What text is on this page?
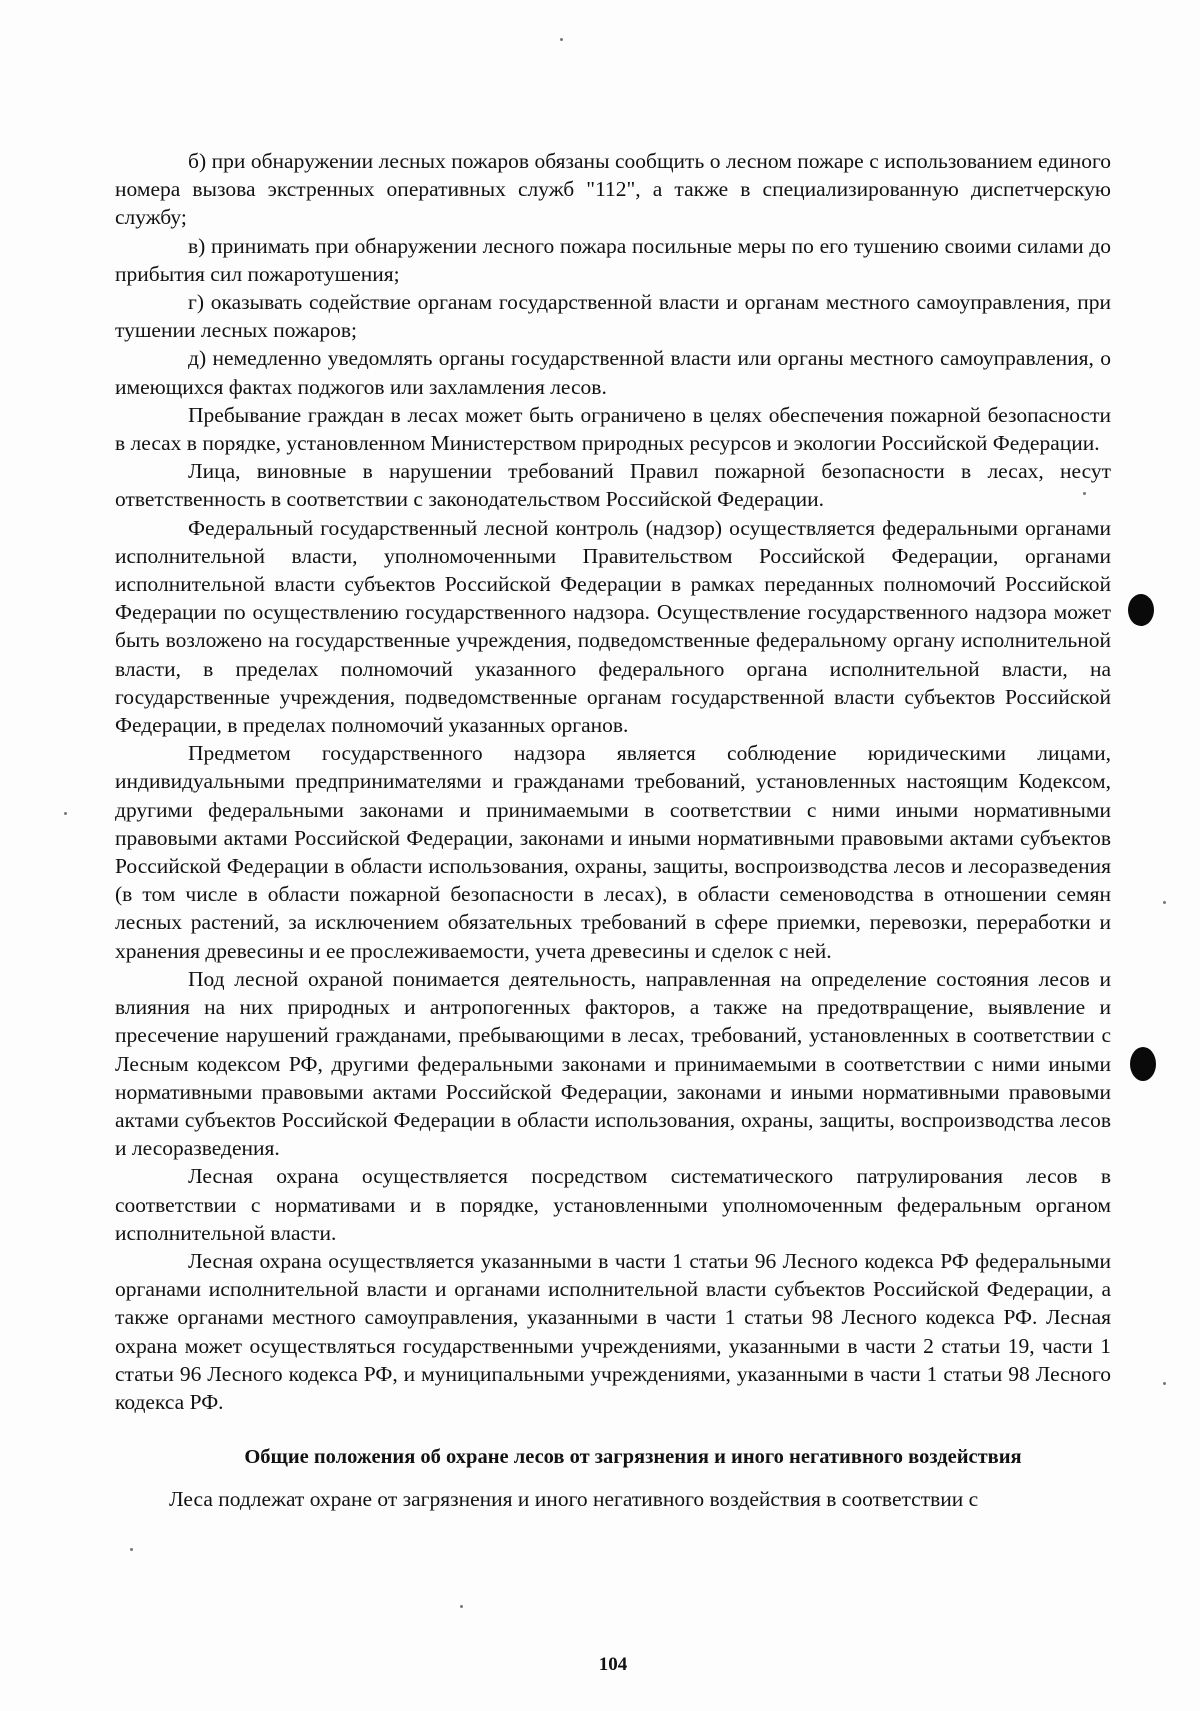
б) при обнаружении лесных пожаров обязаны сообщить о лесном пожаре с использованием единого номера вызова экстренных оперативных служб "112", а также в специализированную диспетчерскую службу;

в) принимать при обнаружении лесного пожара посильные меры по его тушению своими силами до прибытия сил пожаротушения;

г) оказывать содействие органам государственной власти и органам местного самоуправления, при тушении лесных пожаров;

д) немедленно уведомлять органы государственной власти или органы местного самоуправления, о имеющихся фактах поджогов или захламления лесов.

Пребывание граждан в лесах может быть ограничено в целях обеспечения пожарной безопасности в лесах в порядке, установленном Министерством природных ресурсов и экологии Российской Федерации.

Лица, виновные в нарушении требований Правил пожарной безопасности в лесах, несут ответственность в соответствии с законодательством Российской Федерации.

Федеральный государственный лесной контроль (надзор) осуществляется федеральными органами исполнительной власти, уполномоченными Правительством Российской Федерации, органами исполнительной власти субъектов Российской Федерации в рамках переданных полномочий Российской Федерации по осуществлению государственного надзора. Осуществление государственного надзора может быть возложено на государственные учреждения, подведомственные федеральному органу исполнительной власти, в пределах полномочий указанного федерального органа исполнительной власти, на государственные учреждения, подведомственные органам государственной власти субъектов Российской Федерации, в пределах полномочий указанных органов.

Предметом государственного надзора является соблюдение юридическими лицами, индивидуальными предпринимателями и гражданами требований, установленных настоящим Кодексом, другими федеральными законами и принимаемыми в соответствии с ними иными нормативными правовыми актами Российской Федерации, законами и иными нормативными правовыми актами субъектов Российской Федерации в области использования, охраны, защиты, воспроизводства лесов и лесоразведения (в том числе в области пожарной безопасности в лесах), в области семеноводства в отношении семян лесных растений, за исключением обязательных требований в сфере приемки, перевозки, переработки и хранения древесины и ее прослеживаемости, учета древесины и сделок с ней.

Под лесной охраной понимается деятельность, направленная на определение состояния лесов и влияния на них природных и антропогенных факторов, а также на предотвращение, выявление и пресечение нарушений гражданами, пребывающими в лесах, требований, установленных в соответствии с Лесным кодексом РФ, другими федеральными законами и принимаемыми в соответствии с ними иными нормативными правовыми актами Российской Федерации, законами и иными нормативными правовыми актами субъектов Российской Федерации в области использования, охраны, защиты, воспроизводства лесов и лесоразведения.

Лесная охрана осуществляется посредством систематического патрулирования лесов в соответствии с нормативами и в порядке, установленными уполномоченным федеральным органом исполнительной власти.

Лесная охрана осуществляется указанными в части 1 статьи 96 Лесного кодекса РФ федеральными органами исполнительной власти и органами исполнительной власти субъектов Российской Федерации, а также органами местного самоуправления, указанными в части 1 статьи 98 Лесного кодекса РФ. Лесная охрана может осуществляться государственными учреждениями, указанными в части 2 статьи 19, части 1 статьи 96 Лесного кодекса РФ, и муниципальными учреждениями, указанными в части 1 статьи 98 Лесного кодекса РФ.

Общие положения об охране лесов от загрязнения и иного негативного воздействия

Леса подлежат охране от загрязнения и иного негативного воздействия в соответствии с

104
